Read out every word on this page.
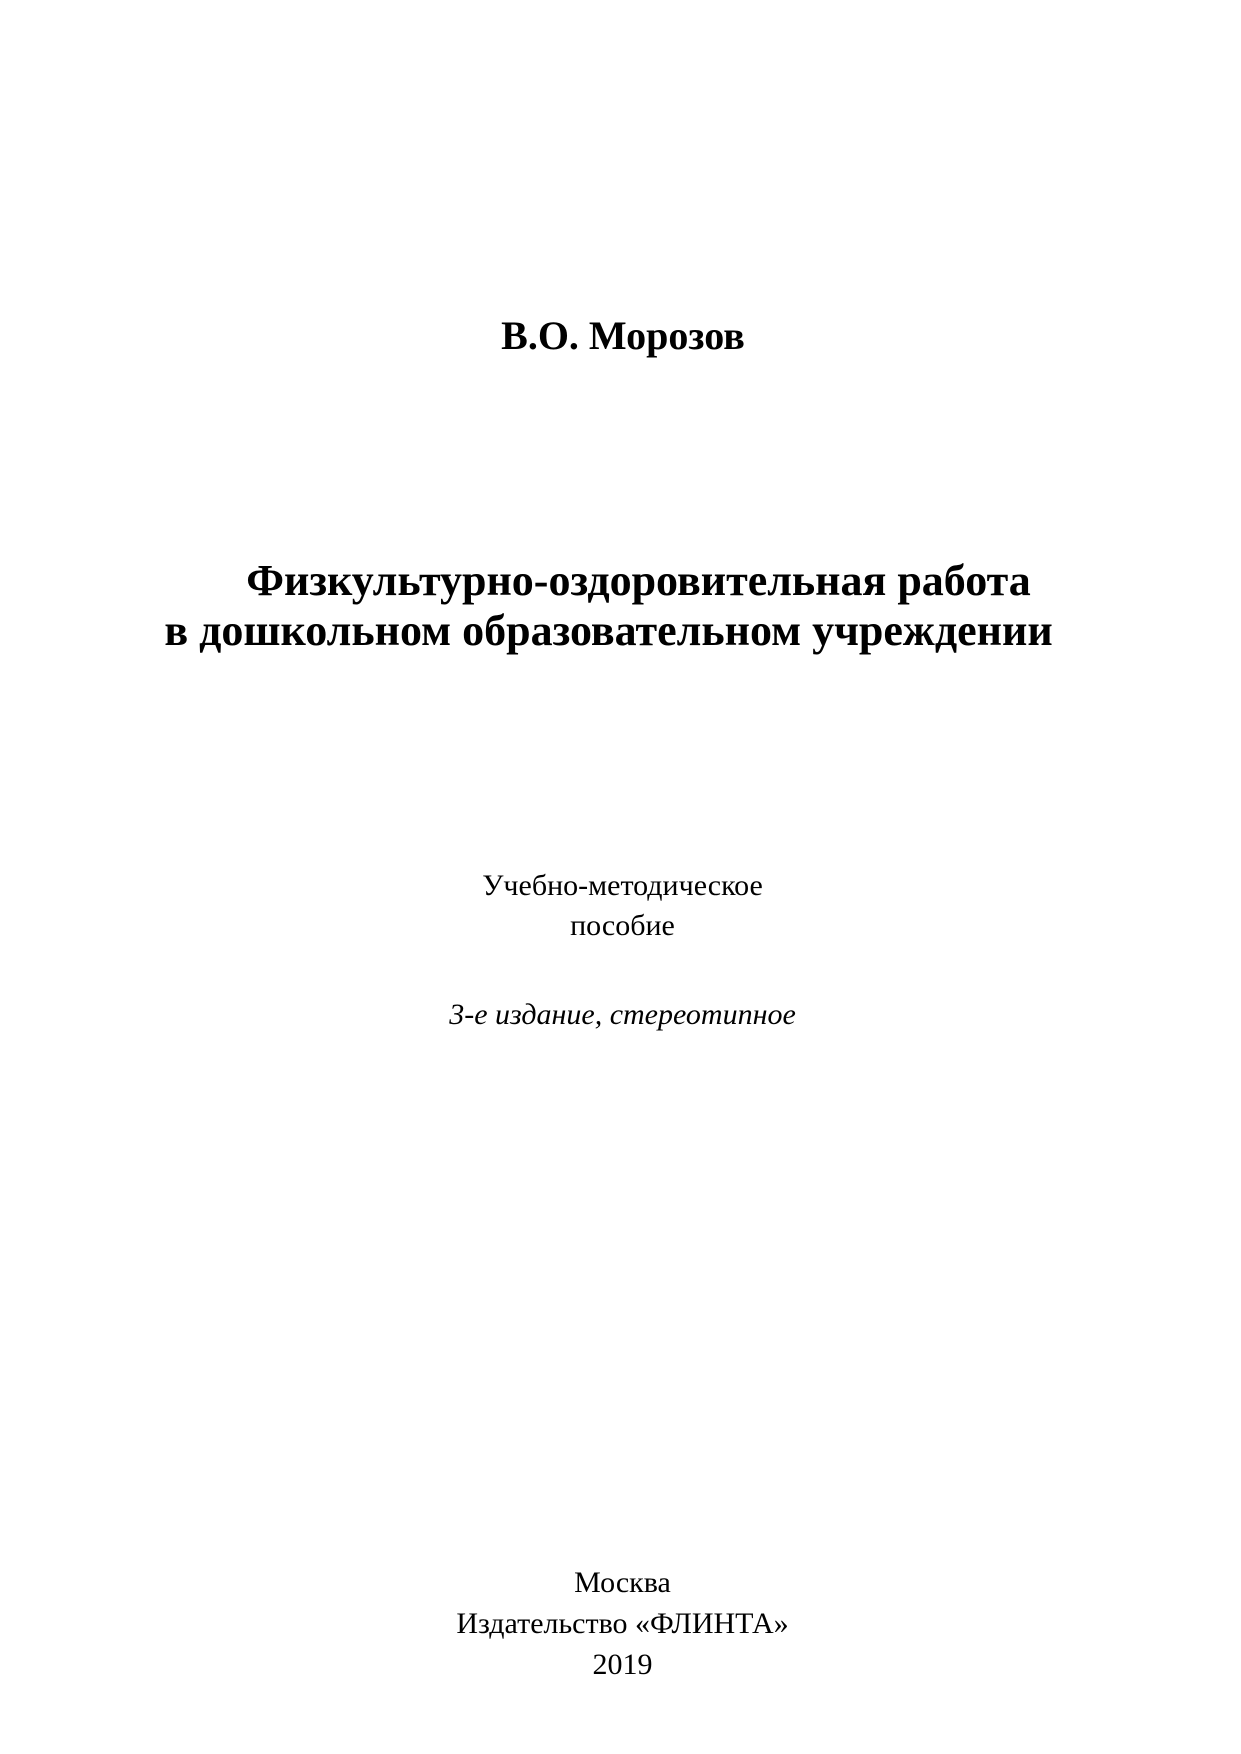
В.О. Морозов

Физкультурно-оздоровительная работа
в дошкольном образовательном учреждении

Учебно-методическое
пособие

3-е издание, стереотипное

Москва
Издательство «ФЛИНТА»
2019
